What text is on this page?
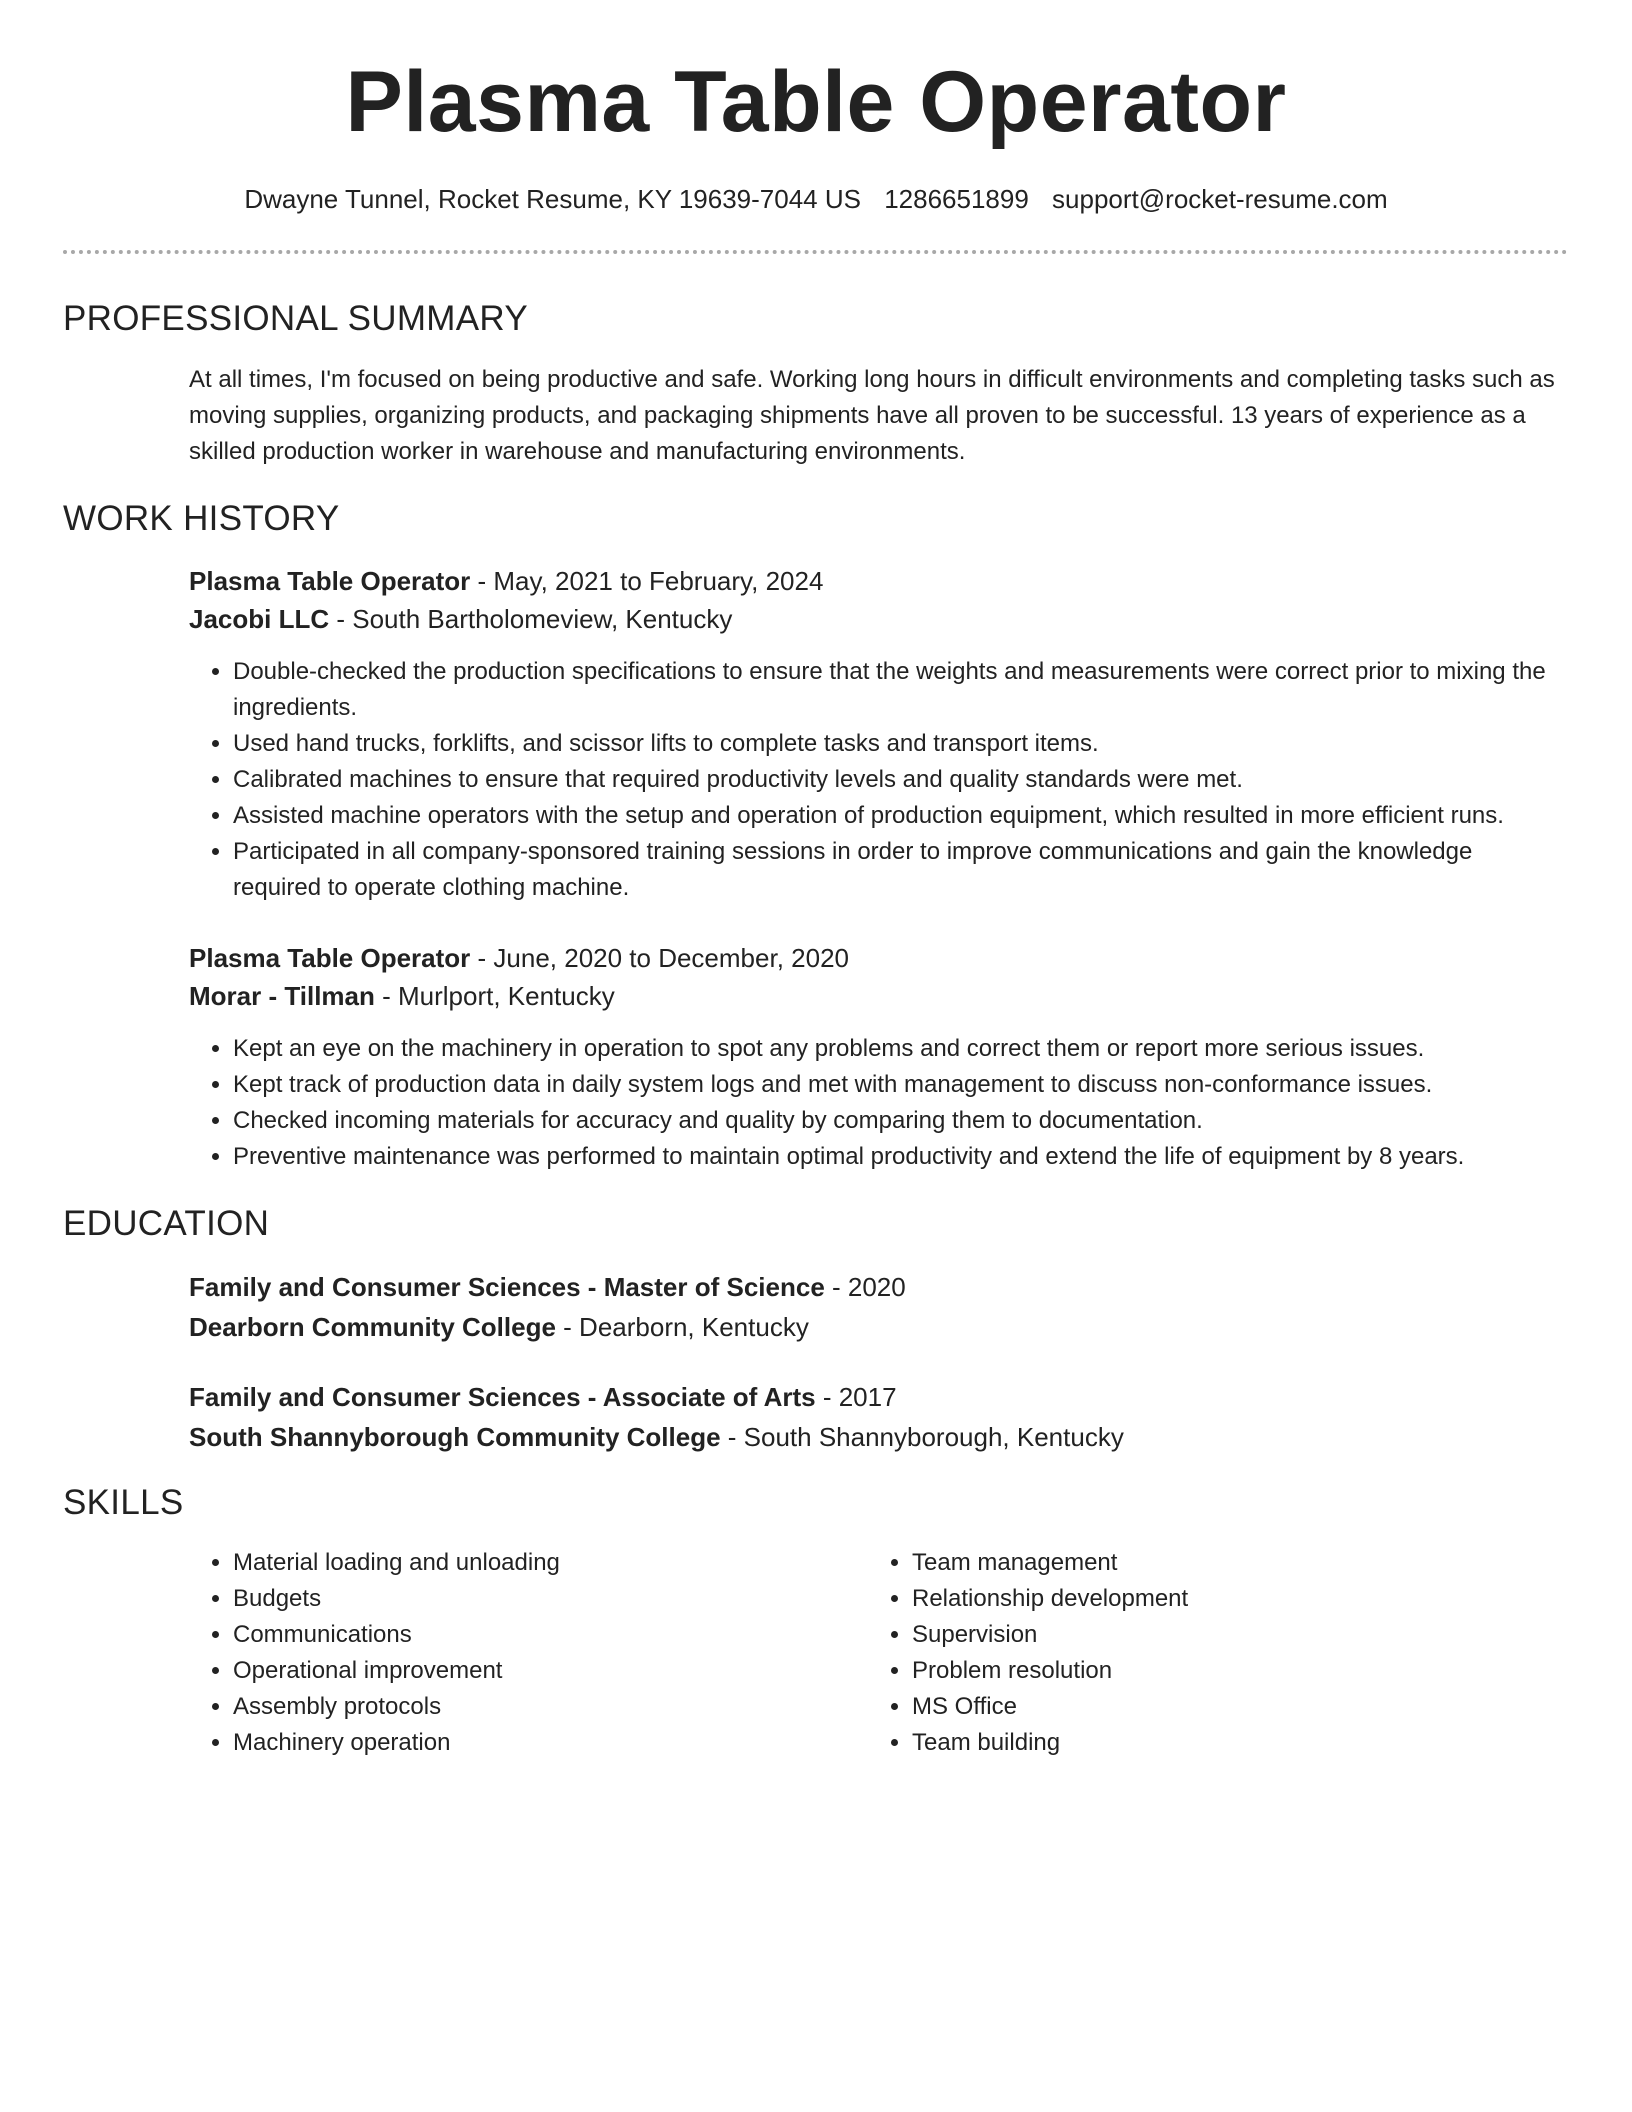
Plasma Table Operator
Dwayne Tunnel, Rocket Resume, KY 19639-7044 US 1286651899 support@rocket-resume.com
PROFESSIONAL SUMMARY
At all times, I'm focused on being productive and safe. Working long hours in difficult environments and completing tasks such as moving supplies, organizing products, and packaging shipments have all proven to be successful. 13 years of experience as a skilled production worker in warehouse and manufacturing environments.
WORK HISTORY
Plasma Table Operator - May, 2021 to February, 2024
Jacobi LLC - South Bartholomeview, Kentucky
• Double-checked the production specifications to ensure that the weights and measurements were correct prior to mixing the ingredients.
• Used hand trucks, forklifts, and scissor lifts to complete tasks and transport items.
• Calibrated machines to ensure that required productivity levels and quality standards were met.
• Assisted machine operators with the setup and operation of production equipment, which resulted in more efficient runs.
• Participated in all company-sponsored training sessions in order to improve communications and gain the knowledge required to operate clothing machine.
Plasma Table Operator - June, 2020 to December, 2020
Morar - Tillman - Murlport, Kentucky
• Kept an eye on the machinery in operation to spot any problems and correct them or report more serious issues.
• Kept track of production data in daily system logs and met with management to discuss non-conformance issues.
• Checked incoming materials for accuracy and quality by comparing them to documentation.
• Preventive maintenance was performed to maintain optimal productivity and extend the life of equipment by 8 years.
EDUCATION
Family and Consumer Sciences - Master of Science - 2020
Dearborn Community College - Dearborn, Kentucky
Family and Consumer Sciences - Associate of Arts - 2017
South Shannyborough Community College - South Shannyborough, Kentucky
SKILLS
• Material loading and unloading
• Budgets
• Communications
• Operational improvement
• Assembly protocols
• Machinery operation
• Team management
• Relationship development
• Supervision
• Problem resolution
• MS Office
• Team building
